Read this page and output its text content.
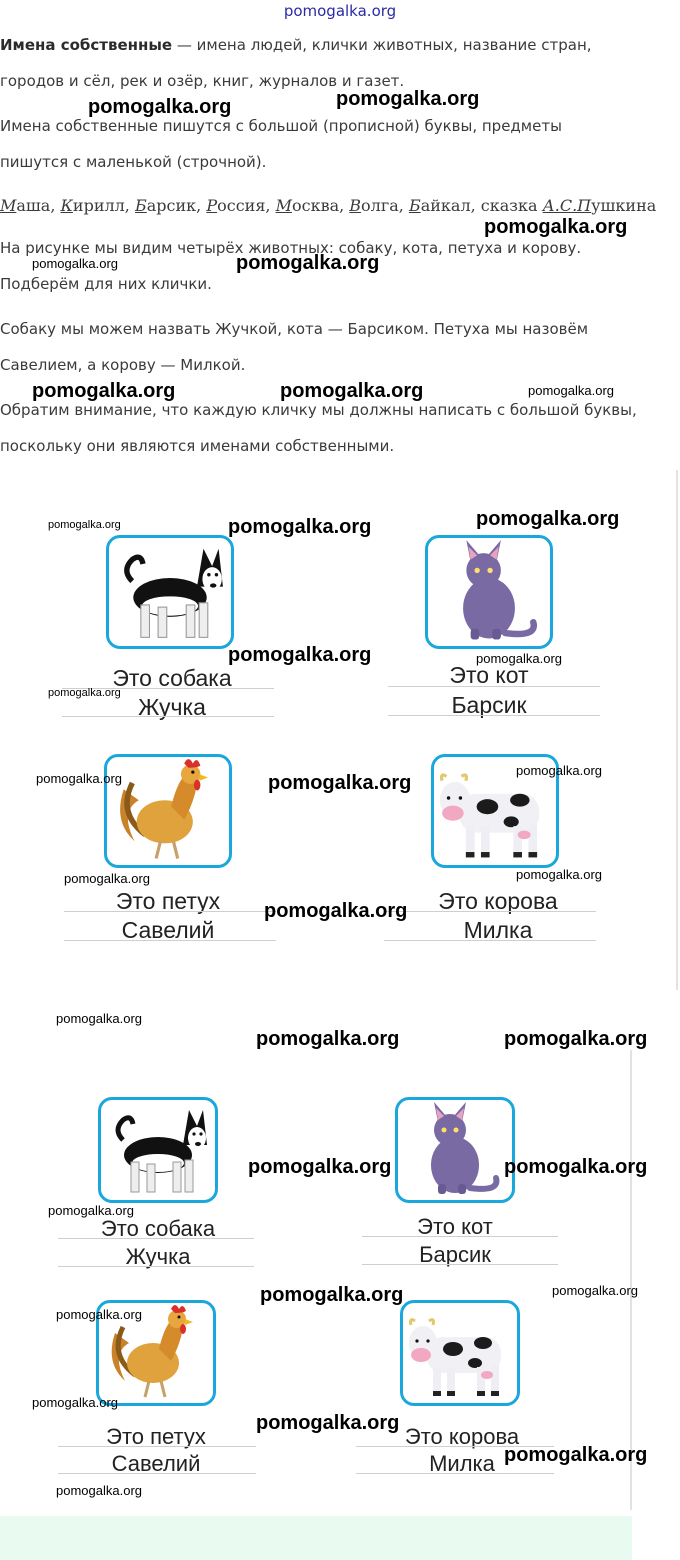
pomogalka.org
Имена собственные — имена людей, клички животных, название стран,
городов и сёл, рек и озёр, книг, журналов и газет.
Имена собственные пишутся с большой (прописной) буквы, предметы
пишутся с маленькой (строчной).
Маша, Кирилл, Барсик, Россия, Москва, Волга, Байкал, сказка А.С.Пушкина
На рисунке мы видим четырёх животных: собаку, кота, петуха и корову.
Подберём для них клички.
Собаку мы можем назвать Жучкой, кота — Барсиком. Петуха мы назовём
Савелием, а корову — Милкой.
Обратим внимание, что каждую кличку мы должны написать с большой буквы,
поскольку они являются именами собственными.
Это собака
Жучка
Это кот
Барсик
Это петух
Савелий
Это корова
Милка
Это собака
Жучка
Это кот
Барсик
Это петух
Савелий
Это корова
Милка
pomogalka.org	pomogalka.org
pomogalka.org
pomogalka.org	pomogalka.org
pomogalka.org	pomogalka.org	pomogalka.org
pomogalka.org	pomogalka.org	pomogalka.org
pomogalka.org	pomogalka.org
pomogalka.org
pomogalka.org	pomogalka.org
pomogalka.org
pomogalka.org	pomogalka.org
pomogalka.org
pomogalka.org
pomogalka.org	pomogalka.org
pomogalka.org	pomogalka.org
pomogalka.org
pomogalka.org	pomogalka.org
pomogalka.org
pomogalka.org
pomogalka.org
pomogalka.org
pomogalka.org
